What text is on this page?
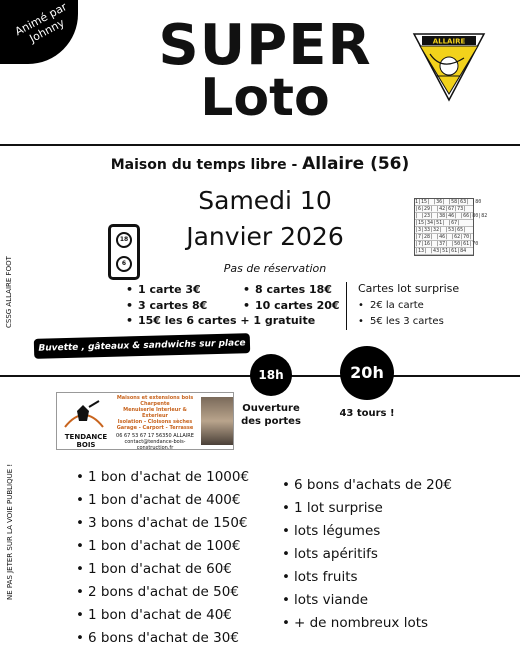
Animé par Johnny	SUPER
Loto
ALLAIRE
Maison du temps libre - Allaire (56)
Samedi 10
Janvier 2026
1|15| |36| |58|63| |80
|6|29| |42|67|73|
| |23| |38|46| |66|80|82
|15|34|51| |67|
|3|33|32| |53|65|
|7|28| |46| |62|70|
|7|16| |37| |50|61|70
|13| |43|51|61|84
18
6	Pas de réservation
• 1 carte 3€
• 3 cartes 8€
• 8 cartes 18€
• 10 cartes 20€
• 15€ les 6 cartes + 1 gratuite
Cartes lot surprise
• 2€ la carte
• 5€ les 3 cartes
CSSG ALLAIRE FOOT
Buvette , gâteaux & sandwichs sur place
18h	20h
Ouverture
des portes
43 tours !
TENDANCE BOIS
Maisons et extensions bois
Charpente
Menuiserie Interieur & Exterieur
Isolation - Cloisons sèches
Garage - Carport - Terrasse
06 67 53 67 17 56350 ALLAIRE
contact@tendance-bois-construction.fr
NE PAS JETER SUR LA VOIE PUBLIQUE !
•	1 bon d'achat de 1000€
• 1 bon d'achat de 400€
• 3 bons d'achat de 150€
• 1 bon d'achat de 100€
• 1 bon d'achat de 60€
• 2 bons d'achat de 50€
• 1 bon d'achat de 40€
• 6 bons d'achat de 30€
• 6 bons d'achats de 20€
• 1 lot surprise
• lots légumes
• lots apéritifs
• lots fruits
• lots viande
• + de nombreux lots
